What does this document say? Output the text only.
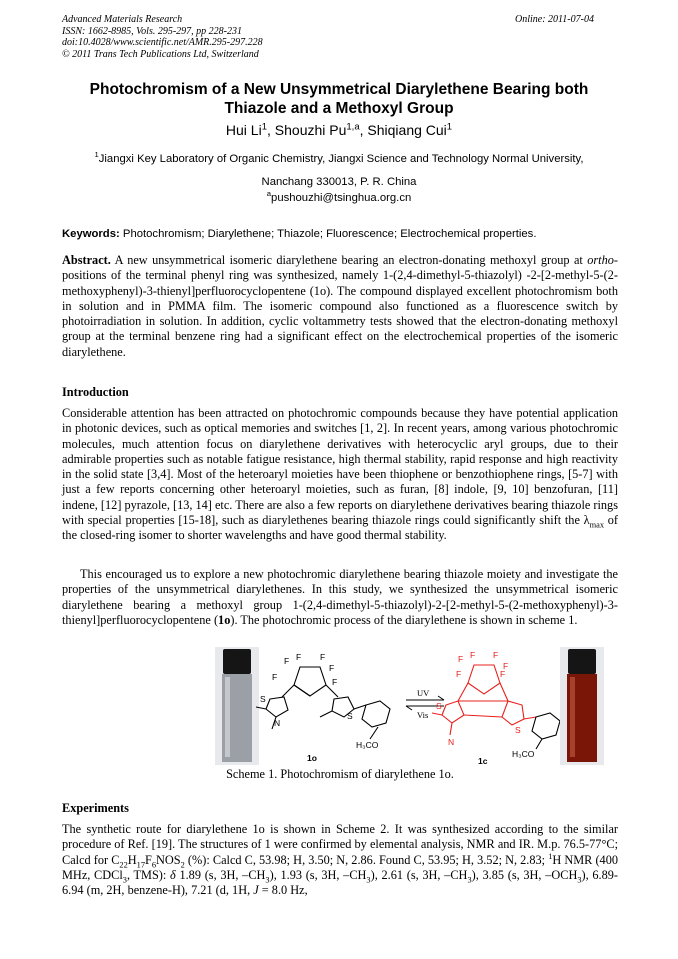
Advanced Materials Research
ISSN: 1662-8985, Vols. 295-297, pp 228-231
doi:10.4028/www.scientific.net/AMR.295-297.228
© 2011 Trans Tech Publications Ltd, Switzerland
Online: 2011-07-04
Photochromism of a New Unsymmetrical Diarylethene Bearing both
Thiazole and a Methoxyl Group
Hui Li$^1$, Shouzhi Pu$^{1,a}$, Shiqiang Cui$^1$
$^1$Jiangxi Key Laboratory of Organic Chemistry, Jiangxi Science and Technology Normal University,
Nanchang 330013, P. R. China
$^a$pushouzhi@tsinghua.org.cn
Keywords: Photochromism; Diarylethene; Thiazole; Fluorescence; Electrochemical properties.
Abstract. A new unsymmetrical isomeric diarylethene bearing an electron-donating methoxyl group at ortho-positions of the terminal phenyl ring was synthesized, namely 1-(2,4-dimethyl-5-thiazolyl) -2-[2-methyl-5-(2-methoxyphenyl)-3-thienyl]perfluorocyclopentene (1o). The compound displayed excellent photochromism both in solution and in PMMA film. The isomeric compound also functioned as a fluorescence switch by photoirradiation in solution. In addition, cyclic voltammetry tests showed that the electron-donating methoxyl group at the terminal benzene ring had a significant effect on the electrochemical properties of the isomeric diarylethene.
Introduction
Considerable attention has been attracted on photochromic compounds because they have potential application in photonic devices, such as optical memories and switches [1, 2]. In recent years, among various photochromic molecules, much attention focus on diarylethene derivatives with heterocyclic aryl groups, due to their admirable properties such as notable fatigue resistance, high thermal stability, rapid response and high reactivity in the solid state [3,4]. Most of the heteroaryl moieties have been thiophene or benzothiophene rings, [5-7] with just a few reports concerning other heteroaryl moieties, such as furan, [8] indole, [9, 10] benzofuran, [11] indene, [12] pyrazole, [13, 14] etc. There are also a few reports on diarylethene derivatives bearing thiazole rings with special properties [15-18], such as diarylethenes bearing thiazole rings could significantly shift the $\lambda_{max}$ of the closed-ring isomer to shorter wavelengths and have good thermal stability.
This encouraged us to explore a new photochromic diarylethene bearing thiazole moiety and investigate the properties of the unsymmetrical diarylethenes. In this study, we synthesized the unsymmetrical isomeric diarylethene bearing a methoxyl group 1-(2,4-dimethyl-5-thiazolyl)-2-[2-methyl-5-(2-methoxyphenyl)-3-thienyl]perfluorocyclopentene (1o). The photochromic process of the diarylethene is shown in scheme 1.
F F F
F
F	F
S
N
S
H₃CO
1o
UV
Vis
F F F
F
F	F
S
N
S
H₃CO
1c
Scheme 1. Photochromism of diarylethene 1o.
Experiments
The synthetic route for diarylethene 1o is shown in Scheme 2. It was synthesized according to the similar procedure of Ref. [19]. The structures of 1 were confirmed by elemental analysis, NMR and IR. M.p. 76.5-77°C; Calcd for $C_{22}H_{17}F_6NOS_2$ (%): Calcd C, 53.98; H, 3.50; N, 2.86. Found C, 53.95; H, 3.52; N, 2.83; $^1$H NMR (400 MHz, CDCl$_3$, TMS): δ 1.89 (s, 3H, $-CH_3$), 1.93 (s, 3H, $-CH_3$), 2.61 (s, 3H, $-CH_3$), 3.85 (s, 3H, $-OCH_3$), 6.89-6.94 (m, 2H, benzene-H), 7.21 (d, 1H, J = 8.0 Hz,
